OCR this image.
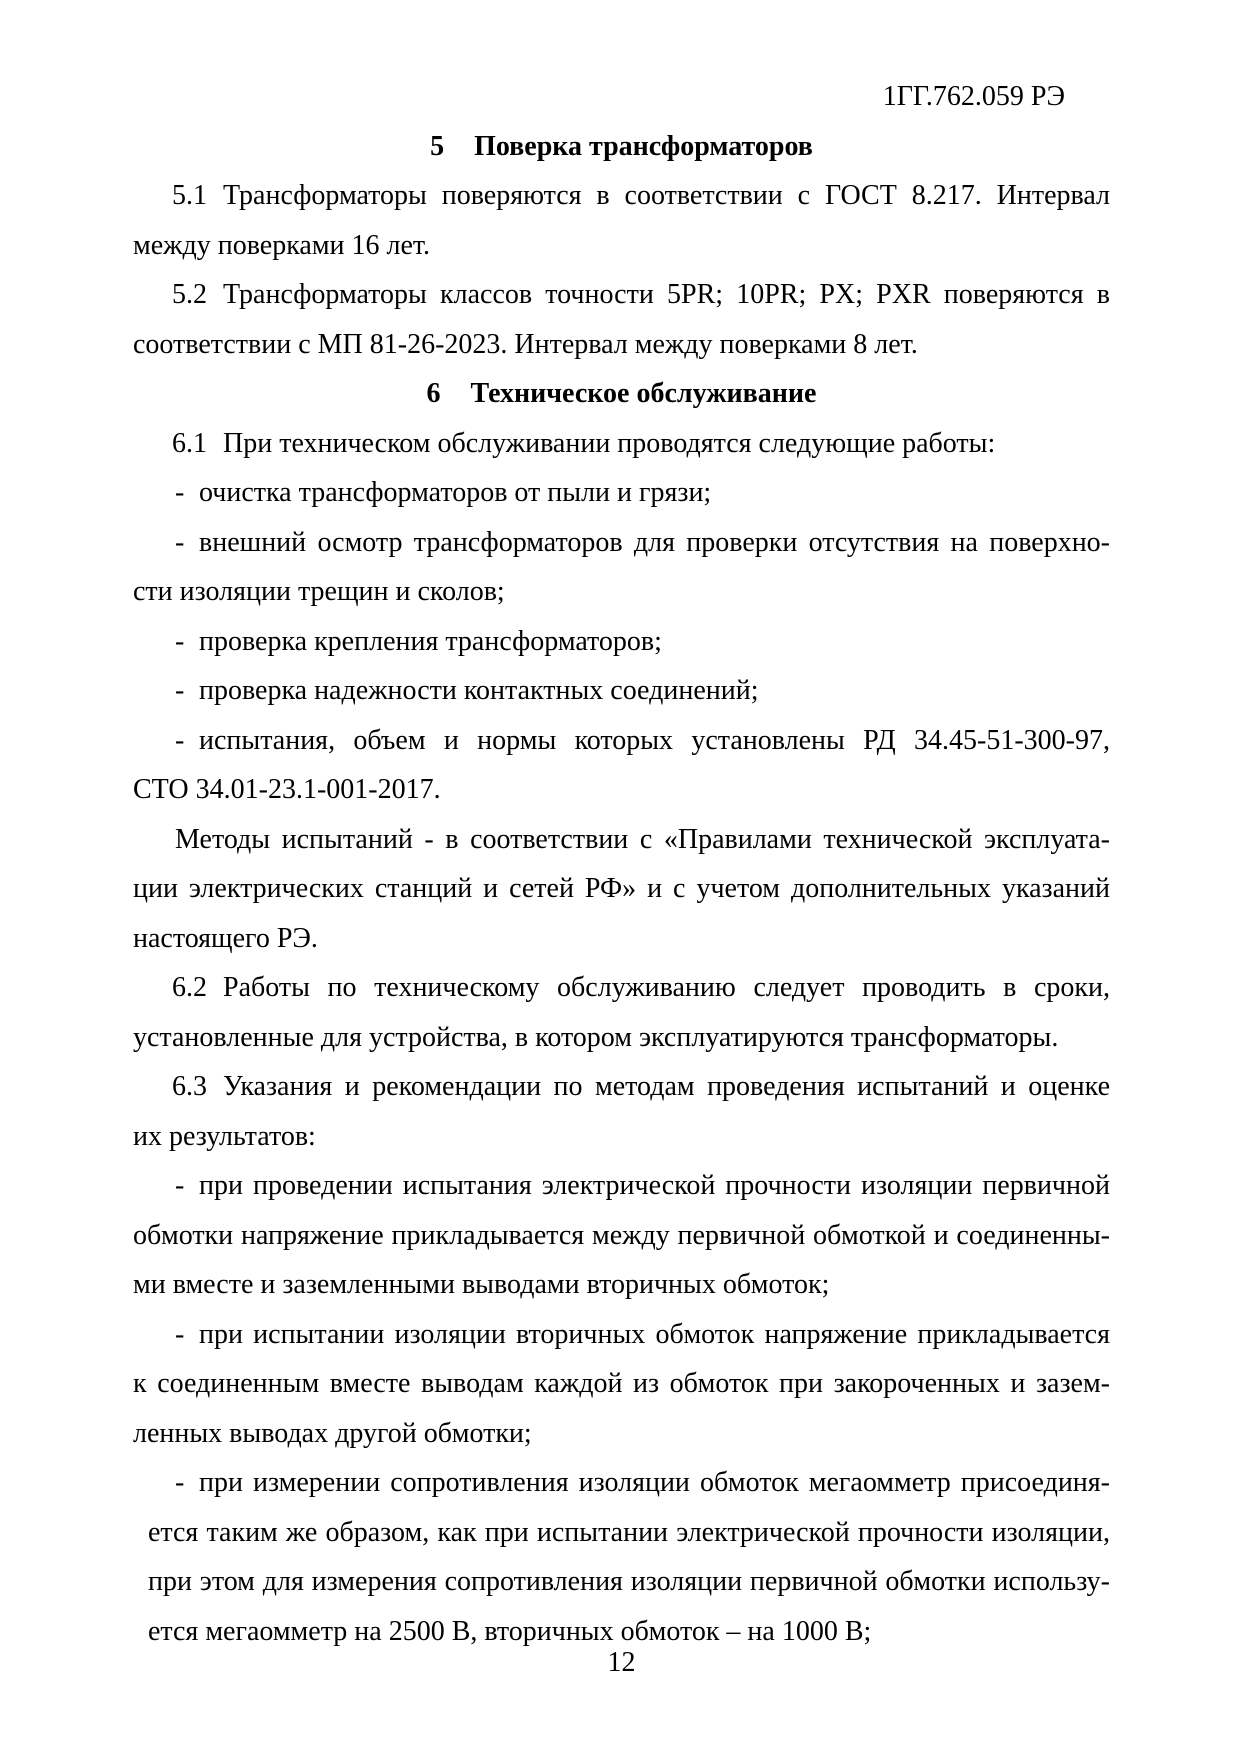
1ГГ.762.059 РЭ
5 Поверка трансформаторов
5.1 Трансформаторы поверяются в соответствии с ГОСТ 8.217. Интервал
между поверками 16 лет.
5.2 Трансформаторы классов точности 5PR; 10PR; PX; PXR поверяются в
соответствии с МП 81-26-2023. Интервал между поверками 8 лет.
6 Техническое обслуживание
6.1 При техническом обслуживании проводятся следующие работы:
- очистка трансформаторов от пыли и грязи;
- внешний осмотр трансформаторов для проверки отсутствия на поверхно-
сти изоляции трещин и сколов;
- проверка крепления трансформаторов;
- проверка надежности контактных соединений;
- испытания, объем и нормы которых установлены РД 34.45-51-300-97,
СТО 34.01-23.1-001-2017.
Методы испытаний - в соответствии с «Правилами технической эксплуата-
ции электрических станций и сетей РФ» и с учетом дополнительных указаний
настоящего РЭ.
6.2 Работы по техническому обслуживанию следует проводить в сроки,
установленные для устройства, в котором эксплуатируются трансформаторы.
6.3 Указания и рекомендации по методам проведения испытаний и оценке
их результатов:
- при проведении испытания электрической прочности изоляции первичной
обмотки напряжение прикладывается между первичной обмоткой и соединенны-
ми вместе и заземленными выводами вторичных обмоток;
- при испытании изоляции вторичных обмоток напряжение прикладывается
к соединенным вместе выводам каждой из обмоток при закороченных и зазем-
ленных выводах другой обмотки;
- при измерении сопротивления изоляции обмоток мегаомметр присоединя-
ется таким же образом, как при испытании электрической прочности изоляции,
при этом для измерения сопротивления изоляции первичной обмотки использу-
ется мегаомметр на 2500 В, вторичных обмоток – на 1000 В;
12
